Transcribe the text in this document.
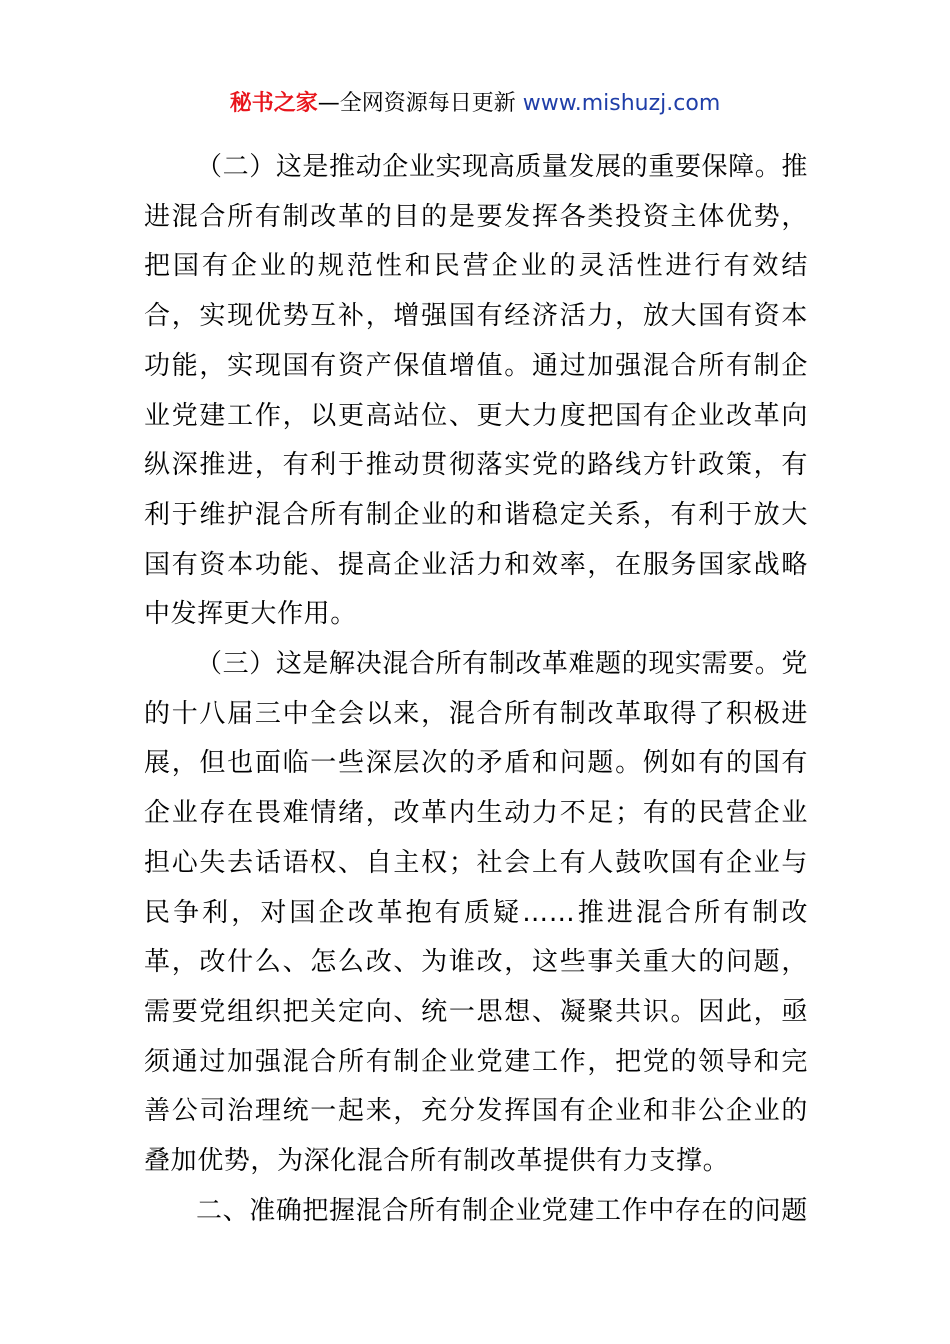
秘书之家—全网资源每日更新 www.mishuzj.com

（二）这是推动企业实现高质量发展的重要保障。推进混合所有制改革的目的是要发挥各类投资主体优势，把国有企业的规范性和民营企业的灵活性进行有效结合，实现优势互补，增强国有经济活力，放大国有资本功能，实现国有资产保值增值。通过加强混合所有制企业党建工作，以更高站位、更大力度把国有企业改革向纵深推进，有利于推动贯彻落实党的路线方针政策，有利于维护混合所有制企业的和谐稳定关系，有利于放大国有资本功能、提高企业活力和效率，在服务国家战略中发挥更大作用。

（三）这是解决混合所有制改革难题的现实需要。党的十八届三中全会以来，混合所有制改革取得了积极进展，但也面临一些深层次的矛盾和问题。例如有的国有企业存在畏难情绪，改革内生动力不足；有的民营企业担心失去话语权、自主权；社会上有人鼓吹国有企业与民争利，对国企改革抱有质疑……推进混合所有制改革，改什么、怎么改、为谁改，这些事关重大的问题，需要党组织把关定向、统一思想、凝聚共识。因此，亟须通过加强混合所有制企业党建工作，把党的领导和完善公司治理统一起来，充分发挥国有企业和非公企业的叠加优势，为深化混合所有制改革提供有力支撑。

二、准确把握混合所有制企业党建工作中存在的问题
